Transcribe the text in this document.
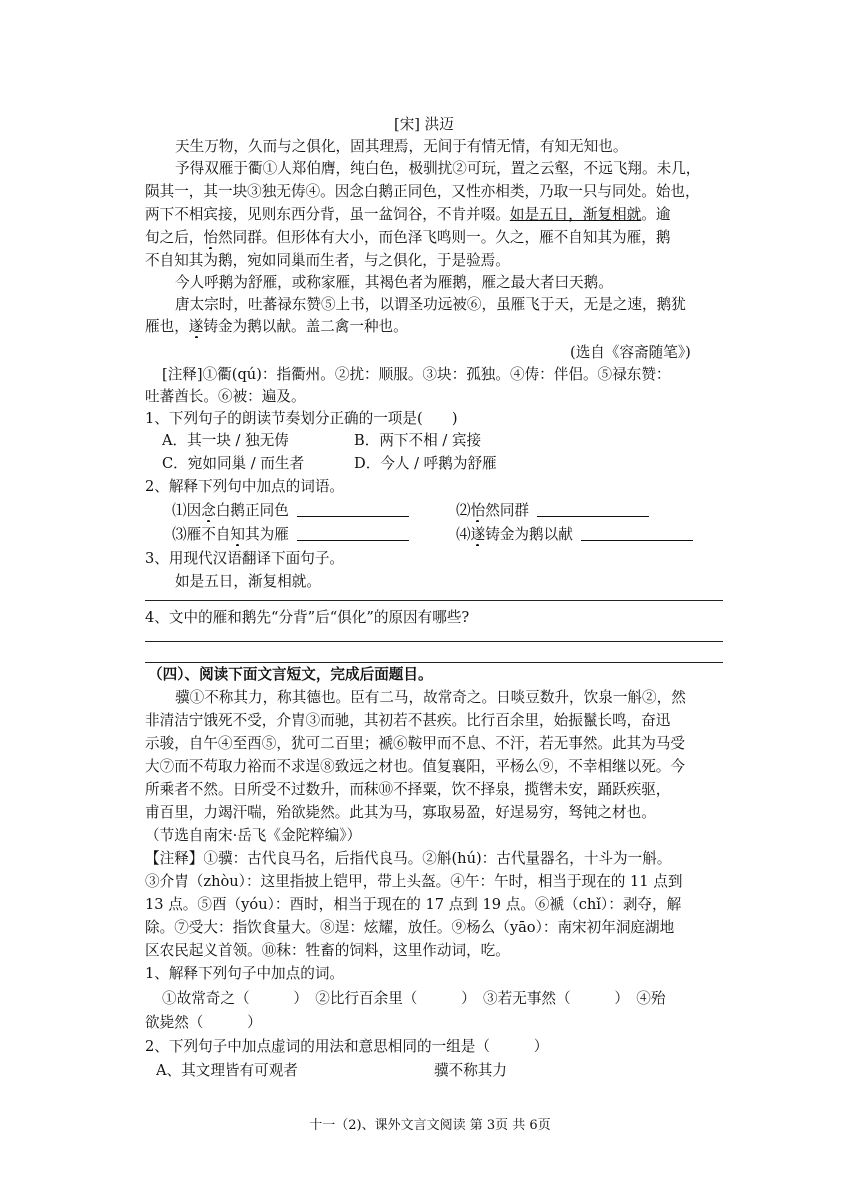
[宋] 洪迈
天生万物，久而与之俱化，固其理焉，无间于有情无情，有知无知也。
予得双雁于衢①人郑伯膺，纯白色，极驯扰②可玩，置之云壑，不远飞翔。未几，
陨其一，其一块③独无俦④。因念白鹅正同色，又性亦相类，乃取一只与同处。始也，
两下不相宾接，见则东西分背，虽一盆饲谷，不肯并啜。如是五日，渐复相就。逾
旬之后，怡然同群。但形体有大小，而色泽飞鸣则一。久之，雁不自知其为雁，鹅
不自知其为鹅，宛如同巢而生者，与之俱化，于是验焉。
今人呼鹅为舒雁，或称家雁，其褐色者为雁鹅，雁之最大者曰天鹅。
唐太宗时，吐蕃禄东赞⑤上书，以谓圣功远被⑥，虽雁飞于天，无是之速，鹅犹
雁也，遂铸金为鹅以献。盖二禽一种也。
(选自《容斋随笔》)
[注释]①衢(qú)：指衢州。②扰：顺服。③块：孤独。④俦：伴侣。⑤禄东赞：
吐蕃酋长。⑥被：遍及。
1、下列句子的朗读节奏划分正确的一项是(　　)
A．其一块 / 独无俦	B．两下不相 / 宾接
C．宛如同巢 / 而生者	D．今人 / 呼鹅为舒雁
2、解释下列句中加点的词语。
⑴因念白鹅正同色	⑵怡然同群
⑶雁不自知其为雁	⑷遂铸金为鹅以献
3、用现代汉语翻译下面句子。
如是五日，渐复相就。
4、文中的雁和鹅先“分背”后“俱化”的原因有哪些?
（四）、阅读下面文言短文，完成后面题目。
骥①不称其力，称其德也。臣有二马，故常奇之。日啖豆数升，饮泉一斛②，然
非清洁宁饿死不受，介胄③而驰，其初若不甚疾。比行百余里，始振鬣长鸣，奋迅
示骏，自午④至酉⑤，犹可二百里；褫⑥鞍甲而不息、不汗，若无事然。此其为马受
大⑦而不苟取力裕而不求逞⑧致远之材也。值复襄阳，平杨么⑨，不幸相继以死。今
所乘者不然。日所受不过数升，而秣⑩不择粟，饮不择泉，揽辔未安，踊跃疾驱，
甫百里，力竭汗喘，殆欲毙然。此其为马，寡取易盈，好逞易穷，驽钝之材也。
（节选自南宋·岳飞《金陀粹编》）
【注释】①骥：古代良马名，后指代良马。②斛(hú)：古代量器名，十斗为一斛。
③介胄（zhòu）：这里指披上铠甲，带上头盔。④午：午时，相当于现在的 11 点到
13 点。⑤酉（yóu）：酉时，相当于现在的 17 点到 19 点。⑥褫（chǐ）：剥夺，解
除。⑦受大：指饮食量大。⑧逞：炫耀，放任。⑨杨么（yāo）：南宋初年洞庭湖地
区农民起义首领。⑩秣：牲畜的饲料，这里作动词，吃。
1、解释下列句子中加点的词。
①故常奇之（　　　）　②比行百余里（　　　）　③若无事然（　　　）　④殆
欲毙然（　　　）
2、下列句子中加点虚词的用法和意思相同的一组是（　　　）
A、其文理皆有可观者	骥不称其力
十一（2)、课外文言文阅读 第 3页 共 6页
